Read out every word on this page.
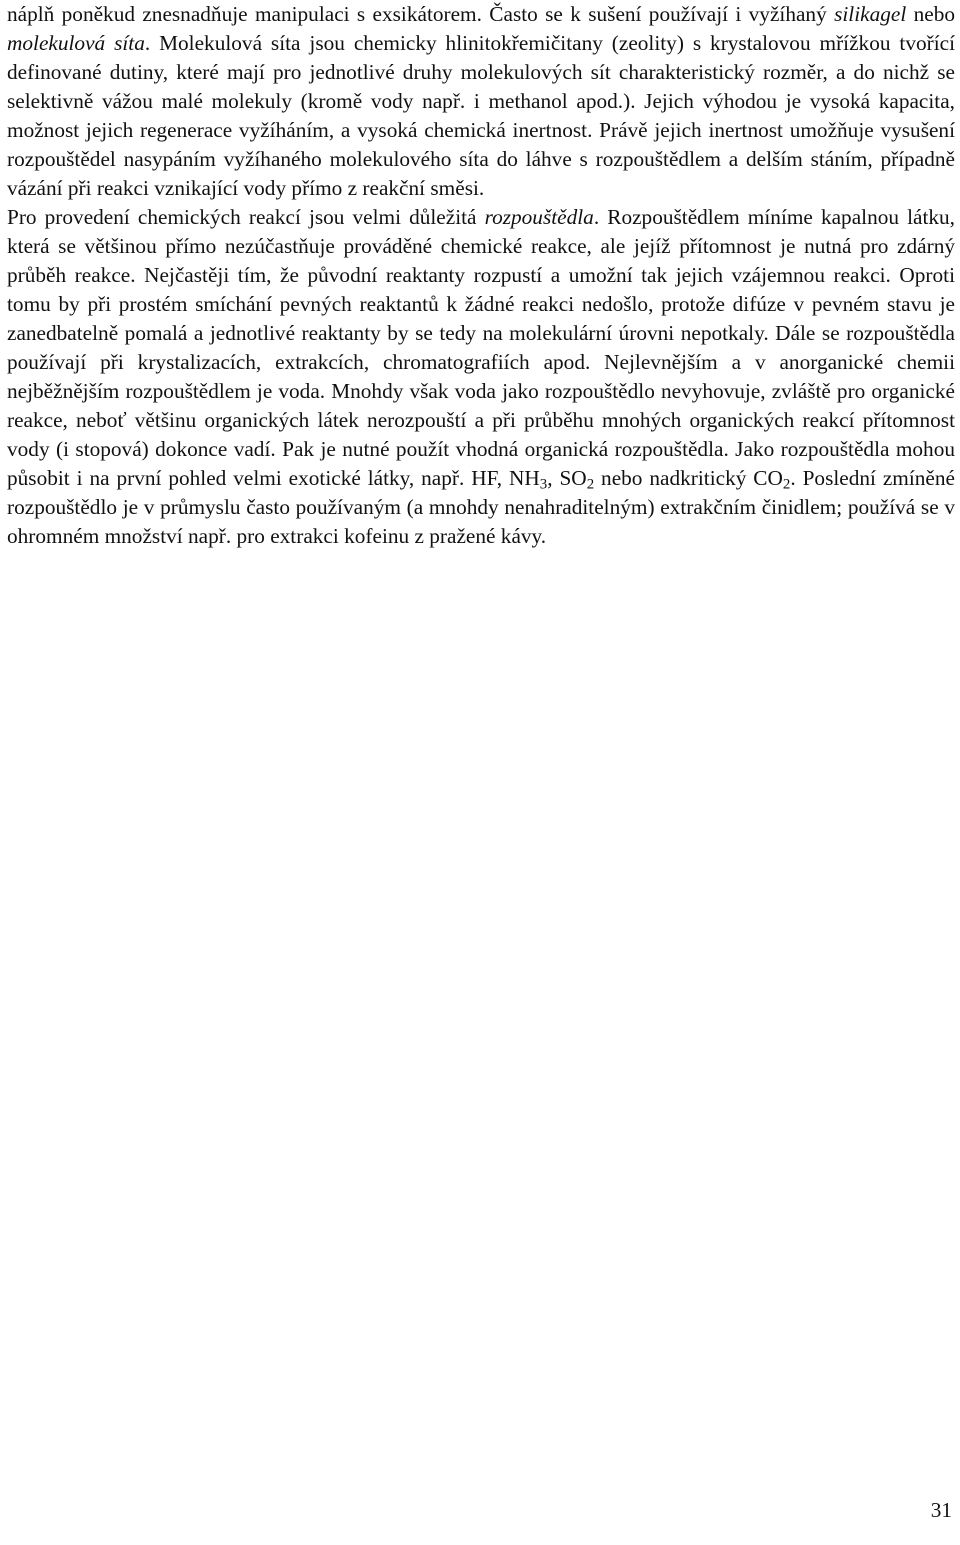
náplň poněkud znesnadňuje manipulaci s exsikátorem. Často se k sušení používají i vyžíhaný silikagel nebo molekulová síta. Molekulová síta jsou chemicky hlinitokřemičitany (zeolity) s krystalovou mřížkou tvořící definované dutiny, které mají pro jednotlivé druhy molekulových sít charakteristický rozměr, a do nichž se selektivně vážou malé molekuly (kromě vody např. i methanol apod.). Jejich výhodou je vysoká kapacita, možnost jejich regenerace vyžíháním, a vysoká chemická inertnost. Právě jejich inertnost umožňuje vysušení rozpouštědel nasypáním vyžíhaného molekulového síta do láhve s rozpouštědlem a delším stáním, případně vázání při reakci vznikající vody přímo z reakční směsi.

Pro provedení chemických reakcí jsou velmi důležitá rozpouštědla. Rozpouštědlem míníme kapalnou látku, která se většinou přímo nezúčastňuje prováděné chemické reakce, ale jejíž přítomnost je nutná pro zdárný průběh reakce. Nejčastěji tím, že původní reaktanty rozpustí a umožní tak jejich vzájemnou reakci. Oproti tomu by při prostém smíchání pevných reaktantů k žádné reakci nedošlo, protože difúze v pevném stavu je zanedbatelně pomalá a jednotlivé reaktanty by se tedy na molekulární úrovni nepotkaly. Dále se rozpouštědla používají při krystalizacích, extrakcích, chromatografiích apod. Nejlevnějším a v anorganické chemii nejběžnějším rozpouštědlem je voda. Mnohdy však voda jako rozpouštědlo nevyhovuje, zvláště pro organické reakce, neboť většinu organických látek nerozpouští a při průběhu mnohých organických reakcí přítomnost vody (i stopová) dokonce vadí. Pak je nutné použít vhodná organická rozpouštědla. Jako rozpouštědla mohou působit i na první pohled velmi exotické látky, např. HF, $NH_3$, $SO_2$ nebo nadkritický $CO_2$. Poslední zmíněné rozpouštědlo je v průmyslu často používaným (a mnohdy nenahraditelným) extrakčním činidlem; používá se v ohromném množství např. pro extrakci kofeinu z pražené kávy.

31
